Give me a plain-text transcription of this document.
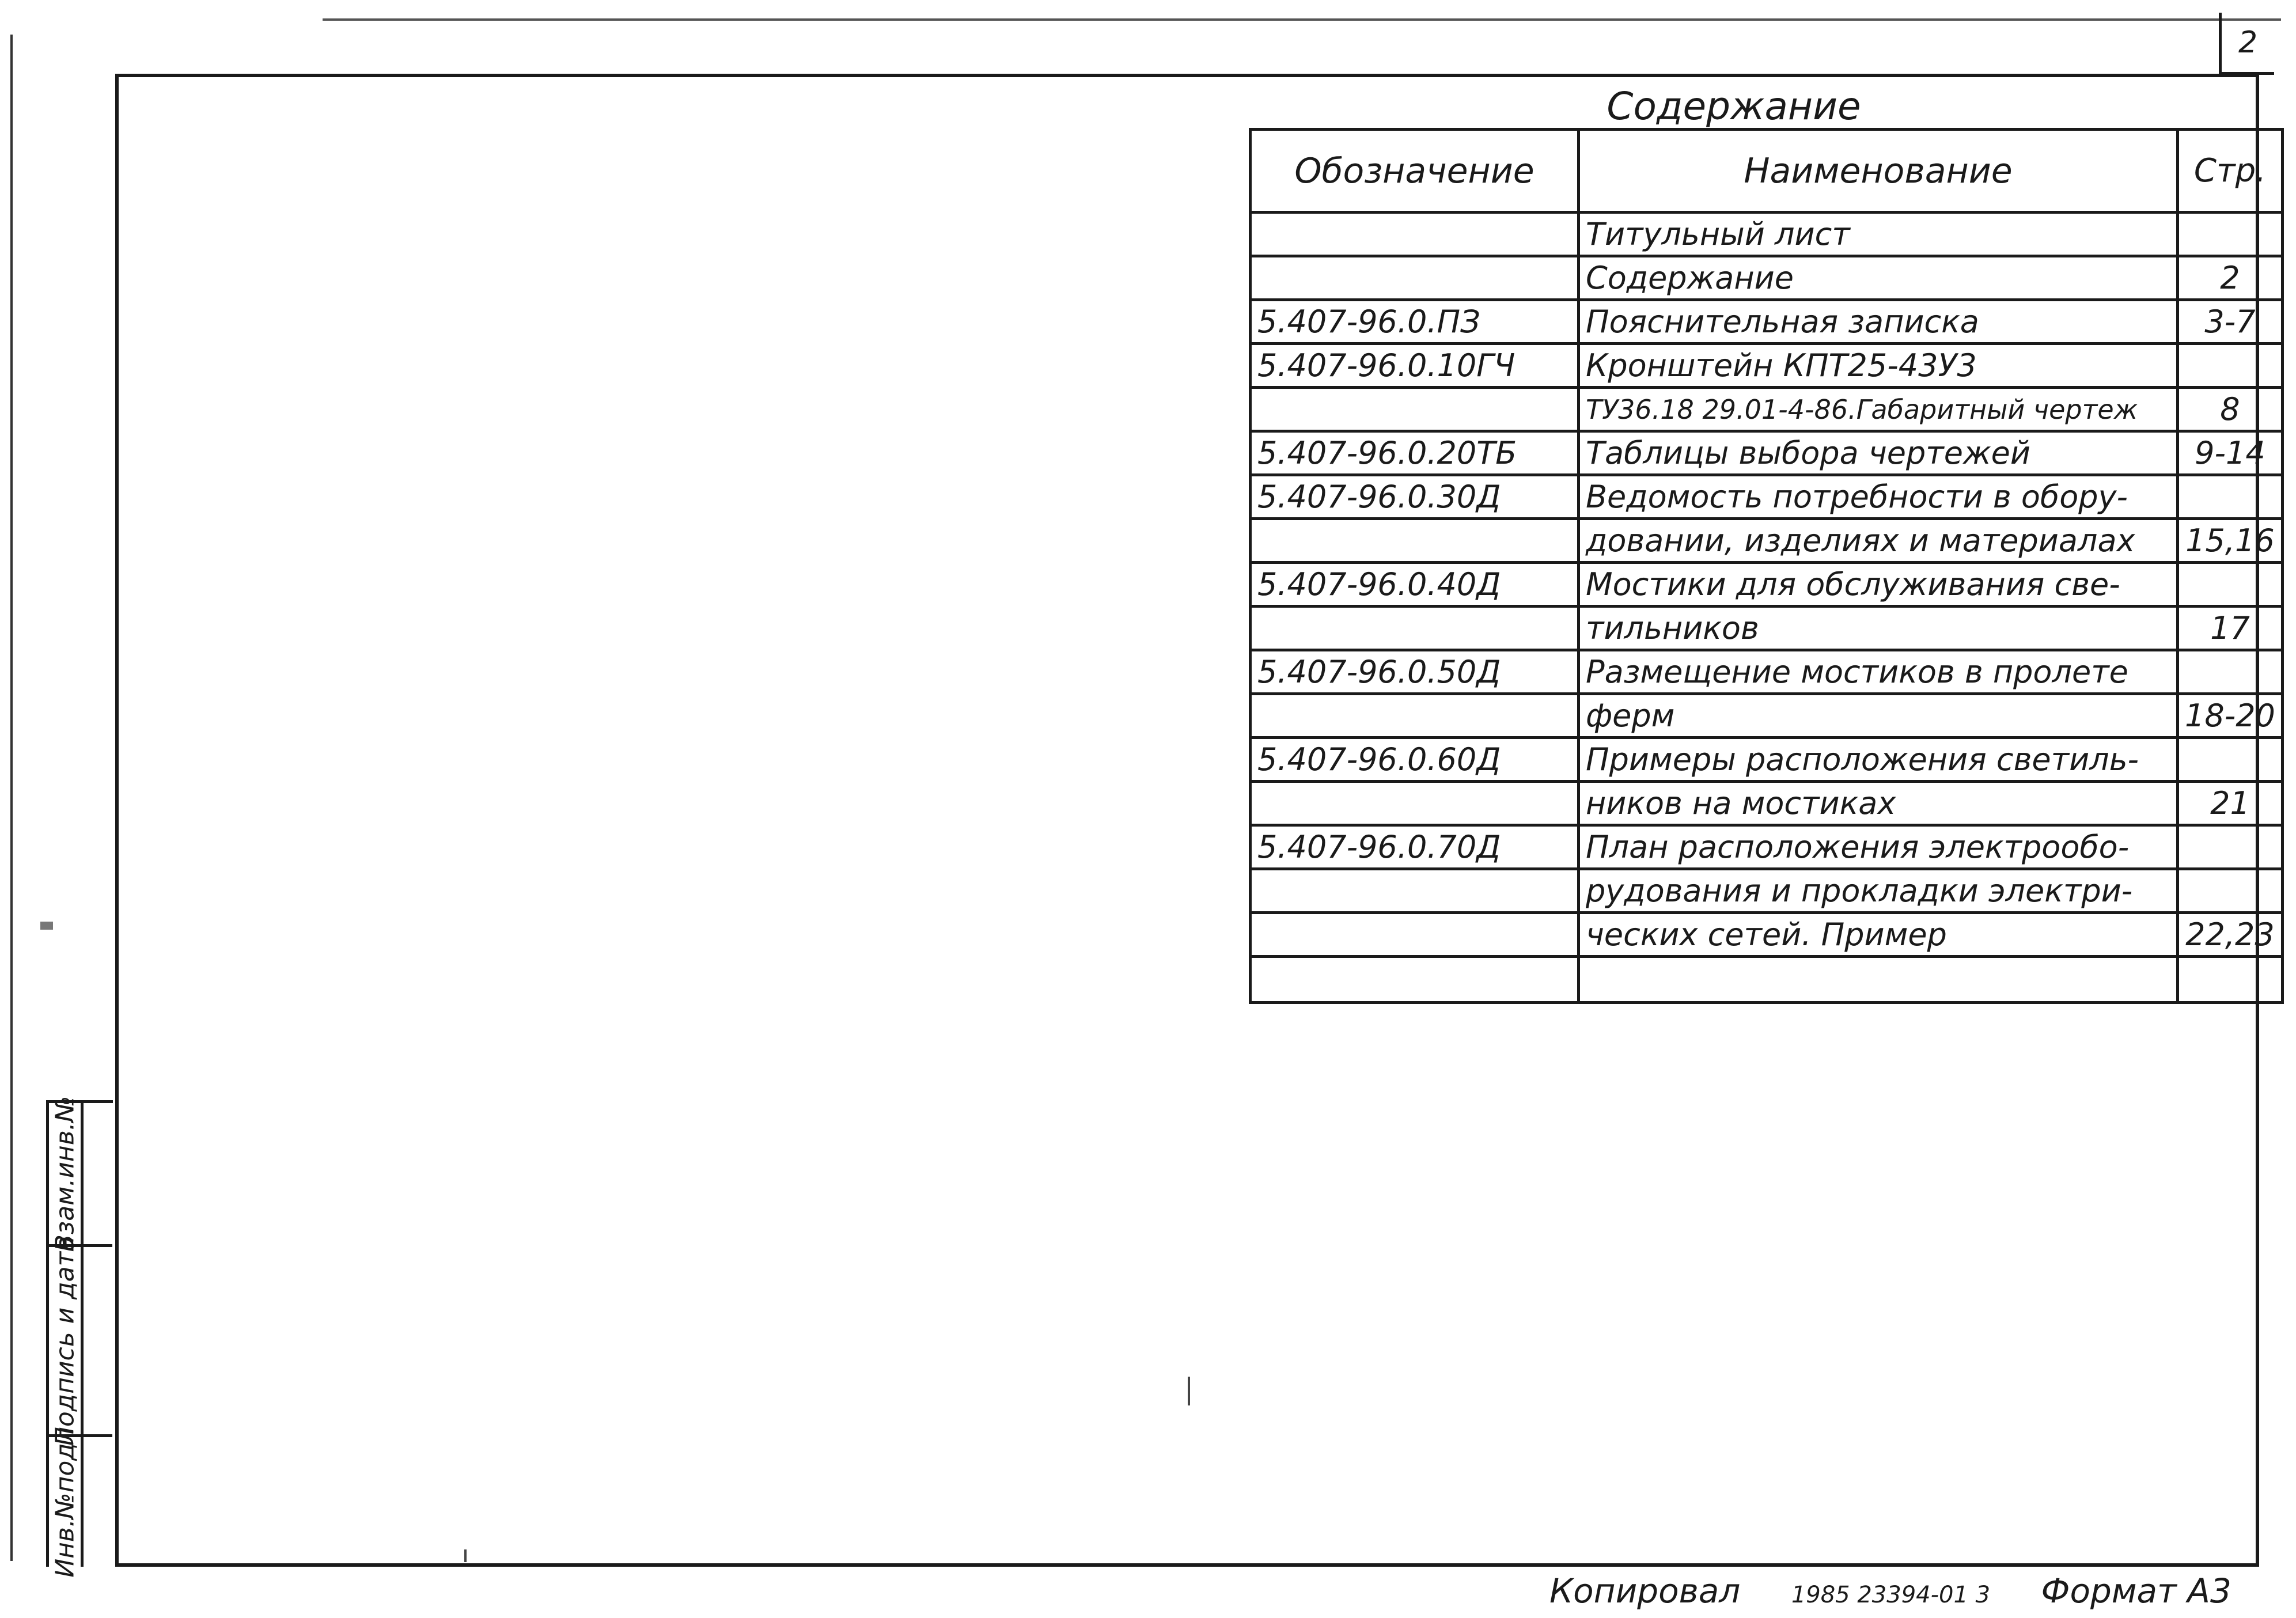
2
Содержание
Обозначение	Наименование	Стр.
	Титульный лист	
	Содержание	2
5.407-96.0.ПЗ	Пояснительная записка	3-7
5.407-96.0.10ГЧ	Кронштейн КПТ25-43У3	
	ТУ36.18 29.01-4-86.Габаритный чертеж	8
5.407-96.0.20ТБ	Таблицы выбора чертежей	9-14
5.407-96.0.30Д	Ведомость потребности в обору-	
	довании, изделиях и материалах	15,16
5.407-96.0.40Д	Мостики для обслуживания све-	
	тильников	17
5.407-96.0.50Д	Размещение мостиков в пролете	
	ферм	18-20
5.407-96.0.60Д	Примеры расположения светиль-	
	ников на мостиках	21
5.407-96.0.70Д	План расположения электрообо-	
	рудования и прокладки электри-	
	ческих сетей. Пример	22,23

Взам.инв.№
Подпись и дата
Инв.№подл
Копировал 1985 23394-01 3 Формат А3
